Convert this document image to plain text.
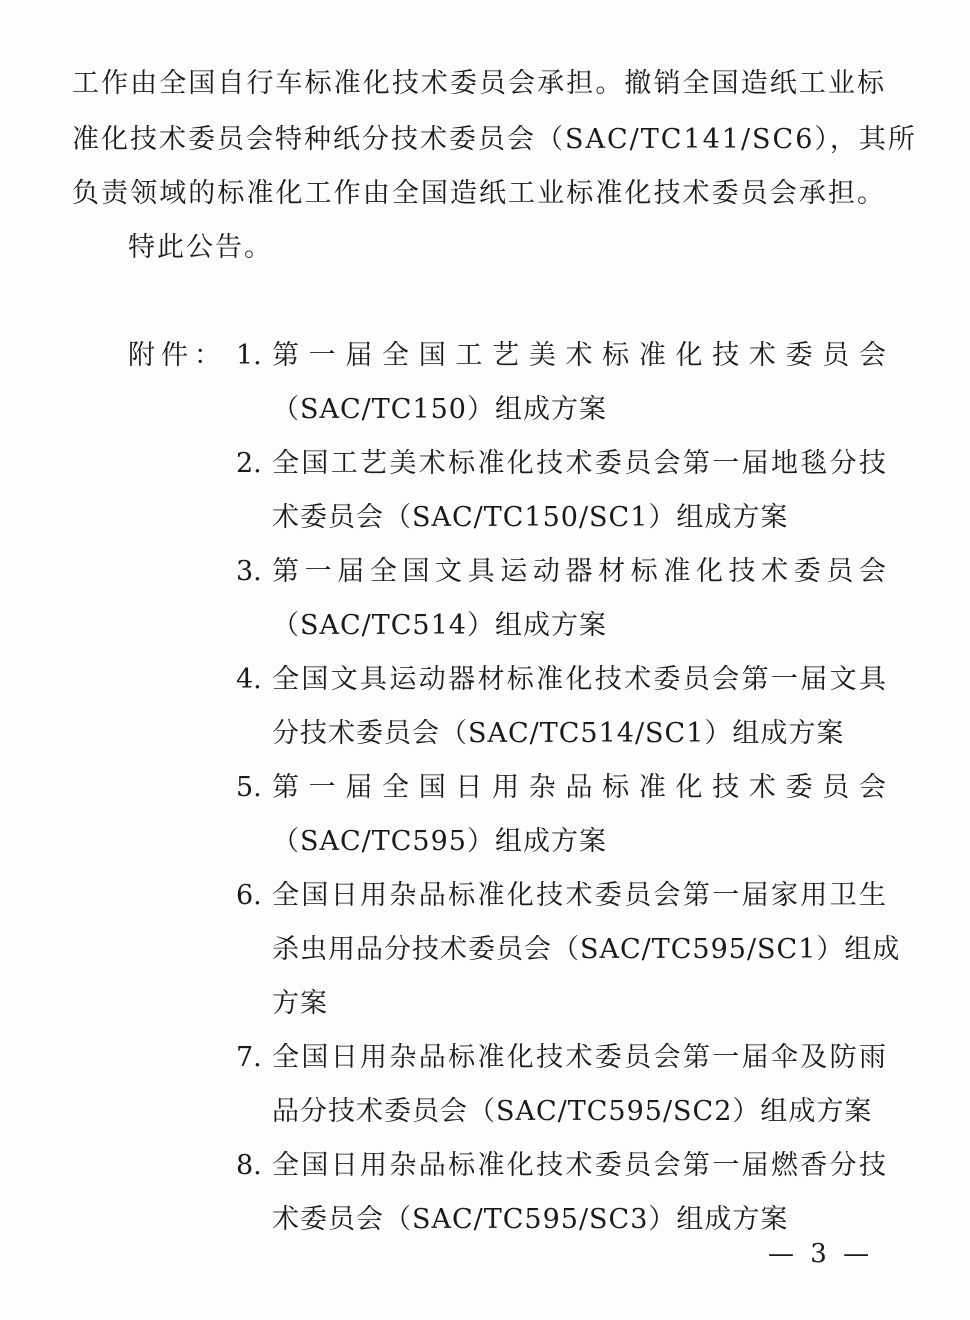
工作由全国自行车标准化技术委员会承担。撤销全国造纸工业标
准化技术委员会特种纸分技术委员会（SAC/TC141/SC6），其所
负责领域的标准化工作由全国造纸工业标准化技术委员会承担。
特此公告。
附件： 1. 第一届全国工艺美术标准化技术委员会
（SAC/TC150）组成方案
2. 全国工艺美术标准化技术委员会第一届地毯分技
术委员会（SAC/TC150/SC1）组成方案
3. 第一届全国文具运动器材标准化技术委员会
（SAC/TC514）组成方案
4. 全国文具运动器材标准化技术委员会第一届文具
分技术委员会（SAC/TC514/SC1）组成方案
5. 第一届全国日用杂品标准化技术委员会
（SAC/TC595）组成方案
6. 全国日用杂品标准化技术委员会第一届家用卫生
杀虫用品分技术委员会（SAC/TC595/SC1）组成
方案
7. 全国日用杂品标准化技术委员会第一届伞及防雨
品分技术委员会（SAC/TC595/SC2）组成方案
8. 全国日用杂品标准化技术委员会第一届燃香分技
术委员会（SAC/TC595/SC3）组成方案
— 3 —
